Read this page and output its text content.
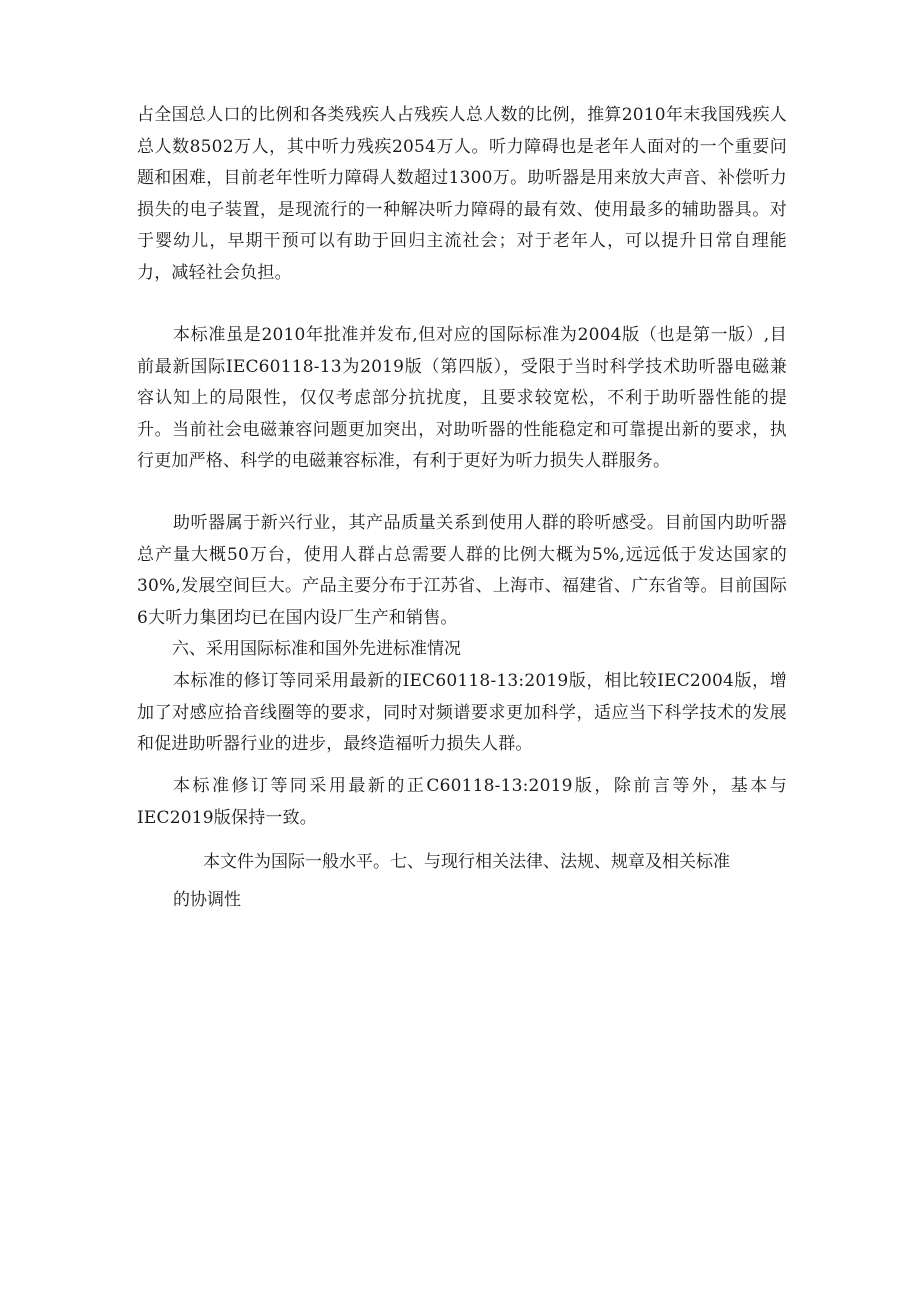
占全国总人口的比例和各类残疾人占残疾人总人数的比例，推算2010年末我国残疾人总人数8502万人，其中听力残疾2054万人。听力障碍也是老年人面对的一个重要问题和困难，目前老年性听力障碍人数超过1300万。助听器是用来放大声音、补偿听力损失的电子装置，是现流行的一种解决听力障碍的最有效、使用最多的辅助器具。对于婴幼儿，早期干预可以有助于回归主流社会；对于老年人，可以提升日常自理能力，减轻社会负担。

本标准虽是2010年批准并发布,但对应的国际标准为2004版（也是第一版）,目前最新国际IEC60118-13为2019版（第四版），受限于当时科学技术助听器电磁兼容认知上的局限性，仅仅考虑部分抗扰度，且要求较宽松，不利于助听器性能的提升。当前社会电磁兼容问题更加突出，对助听器的性能稳定和可靠提出新的要求，执行更加严格、科学的电磁兼容标准，有利于更好为听力损失人群服务。

助听器属于新兴行业，其产品质量关系到使用人群的聆听感受。目前国内助听器总产量大概50万台，使用人群占总需要人群的比例大概为5%,远远低于发达国家的30%,发展空间巨大。产品主要分布于江苏省、上海市、福建省、广东省等。目前国际6大听力集团均已在国内设厂生产和销售。

六、采用国际标准和国外先进标准情况

本标准的修订等同采用最新的IEC60118-13:2019版，相比较IEC2004版，增加了对感应拾音线圈等的要求，同时对频谱要求更加科学，适应当下科学技术的发展和促进助听器行业的进步，最终造福听力损失人群。

本标准修订等同采用最新的正C60118-13:2019版，除前言等外，基本与IEC2019版保持一致。

本文件为国际一般水平。七、与现行相关法律、法规、规章及相关标准

的协调性
